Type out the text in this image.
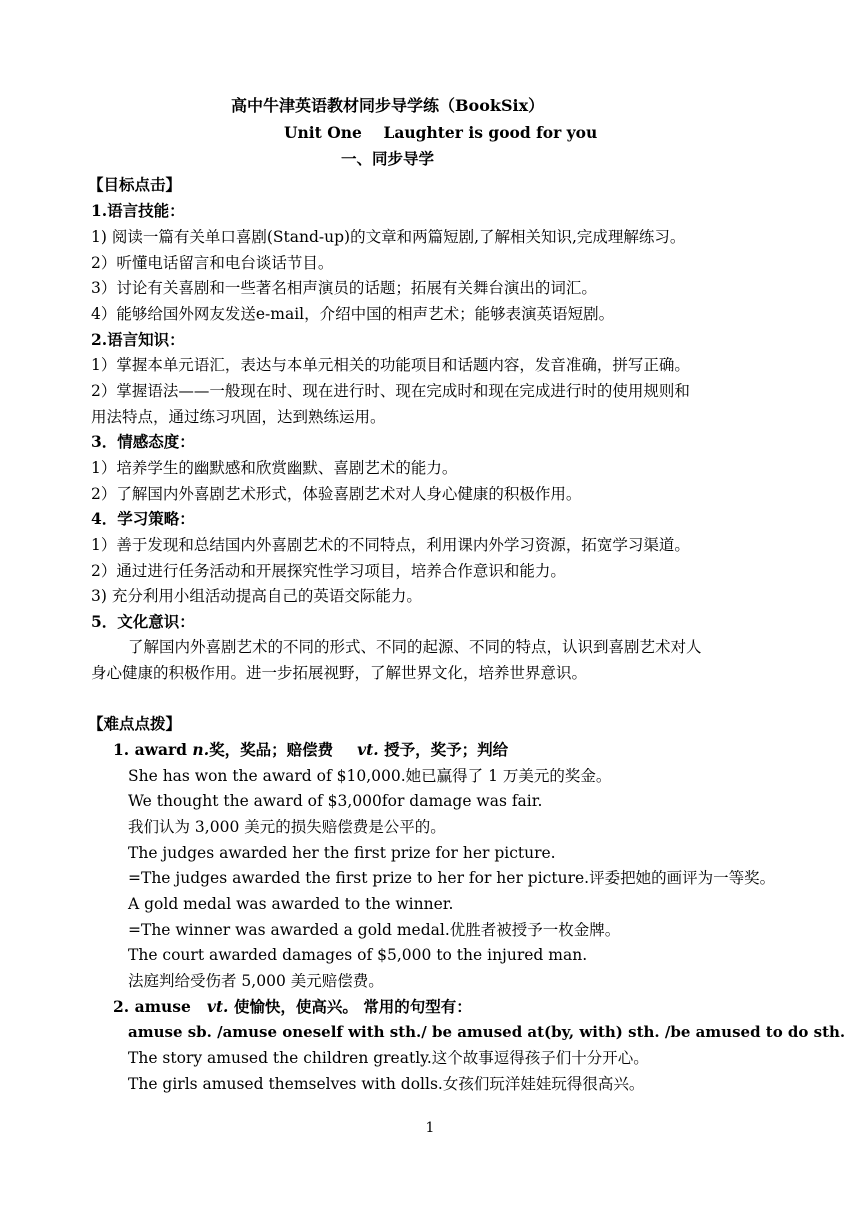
高中牛津英语教材同步导学练（BookSix）
Unit One    Laughter is good for you
一、同步导学
【目标点击】
1.语言技能：
1) 阅读一篇有关单口喜剧(Stand-up)的文章和两篇短剧,了解相关知识,完成理解练习。
2）听懂电话留言和电台谈话节目。
3）讨论有关喜剧和一些著名相声演员的话题；拓展有关舞台演出的词汇。
4）能够给国外网友发送e-mail，介绍中国的相声艺术；能够表演英语短剧。
2.语言知识：
1）掌握本单元语汇，表达与本单元相关的功能项目和话题内容，发音准确，拼写正确。
2）掌握语法——一般现在时、现在进行时、现在完成时和现在完成进行时的使用规则和
用法特点，通过练习巩固，达到熟练运用。
3．情感态度：
1）培养学生的幽默感和欣赏幽默、喜剧艺术的能力。
2）了解国内外喜剧艺术形式，体验喜剧艺术对人身心健康的积极作用。
4．学习策略：
1）善于发现和总结国内外喜剧艺术的不同特点，利用课内外学习资源，拓宽学习渠道。
2）通过进行任务活动和开展探究性学习项目，培养合作意识和能力。
3) 充分利用小组活动提高自己的英语交际能力。
5．文化意识：
了解国内外喜剧艺术的不同的形式、不同的起源、不同的特点，认识到喜剧艺术对人
身心健康的积极作用。进一步拓展视野，了解世界文化，培养世界意识。
【难点点拨】
1. award n.奖，奖品；赔偿费 vt. 授予，奖予；判给
She has won the award of $10,000.她已赢得了 1 万美元的奖金。
We thought the award of $3,000for damage was fair.
我们认为 3,000 美元的损失赔偿费是公平的。
The judges awarded her the first prize for her picture.
=The judges awarded the first prize to her for her picture.评委把她的画评为一等奖。
A gold medal was awarded to the winner.
=The winner was awarded a gold medal.优胜者被授予一枚金牌。
The court awarded damages of $5,000 to the injured man.
法庭判给受伤者 5,000 美元赔偿费。
2. amuse vt. 使愉快，使高兴。 常用的句型有：
amuse sb. /amuse oneself with sth./ be amused at(by, with) sth. /be amused to do sth.
The story amused the children greatly.这个故事逗得孩子们十分开心。
The girls amused themselves with dolls.女孩们玩洋娃娃玩得很高兴。
1
